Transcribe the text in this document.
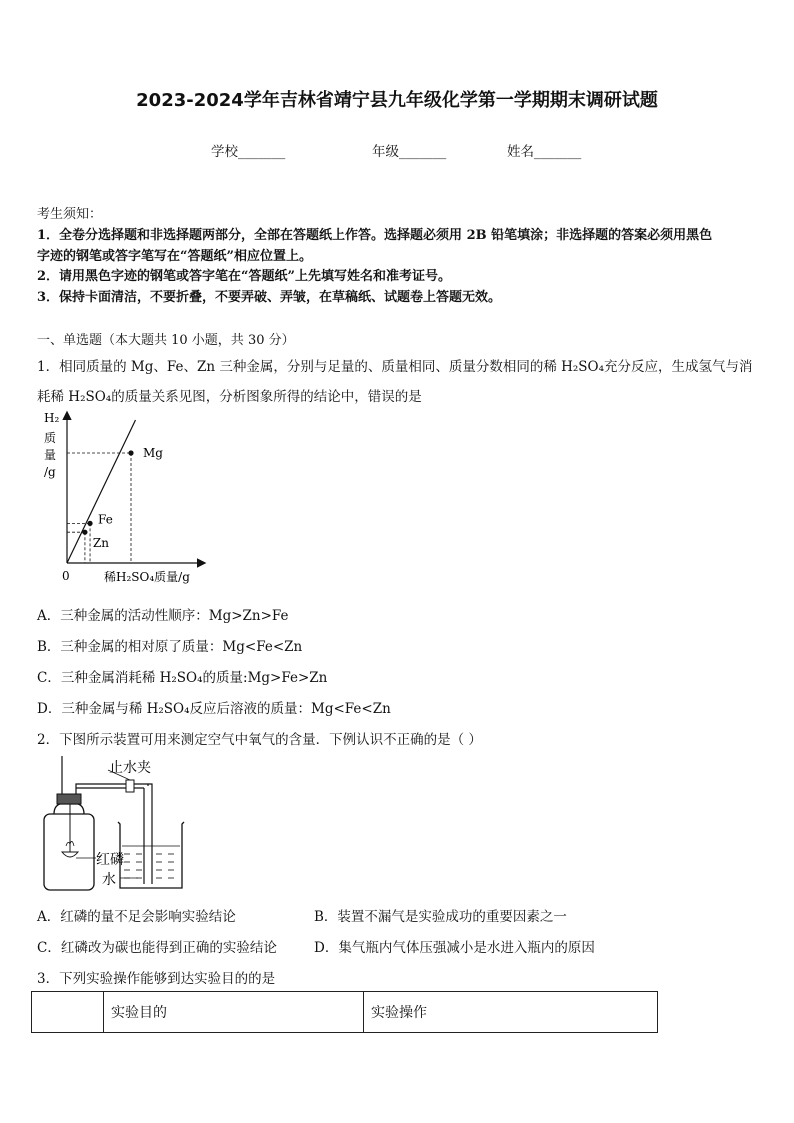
2023-2024学年吉林省靖宁县九年级化学第一学期期末调研试题
学校_______	年级_______	姓名_______
考生须知：
1．全卷分选择题和非选择题两部分，全部在答题纸上作答。选择题必须用 2B 铅笔填涂；非选择题的答案必须用黑色
字迹的钢笔或答字笔写在“答题纸”相应位置上。
2．请用黑色字迹的钢笔或答字笔在“答题纸”上先填写姓名和准考证号。
3．保持卡面清洁，不要折叠，不要弄破、弄皱，在草稿纸、试题卷上答题无效。
一、单选题（本大题共 10 小题，共 30 分）
1．相同质量的 Mg、Fe、Zn 三种金属，分别与足量的、质量相同、质量分数相同的稀 H₂SO₄充分反应，生成氢气与消
耗稀 H₂SO₄的质量关系见图，分析图象所得的结论中，错误的是
H₂
质
量
/g
Mg
Fe
Zn
0	稀H₂SO₄质量/g
A．三种金属的活动性顺序：Mg>Zn>Fe
B．三种金属的相对原了质量：Mg<Fe<Zn
C．三种金属消耗稀 H₂SO₄的质量:Mg>Fe>Zn
D．三种金属与稀 H₂SO₄反应后溶液的质量：Mg<Fe<Zn
2．下图所示装置可用来测定空气中氧气的含量．下例认识不正确的是（ ）
止水夹
红磷
水
A．红磷的量不足会影响实验结论	B．装置不漏气是实验成功的重要因素之一
C．红磷改为碳也能得到正确的实验结论	D．集气瓶内气体压强减小是水进入瓶内的原因
3．下列实验操作能够到达实验目的的是
	实验目的	实验操作
